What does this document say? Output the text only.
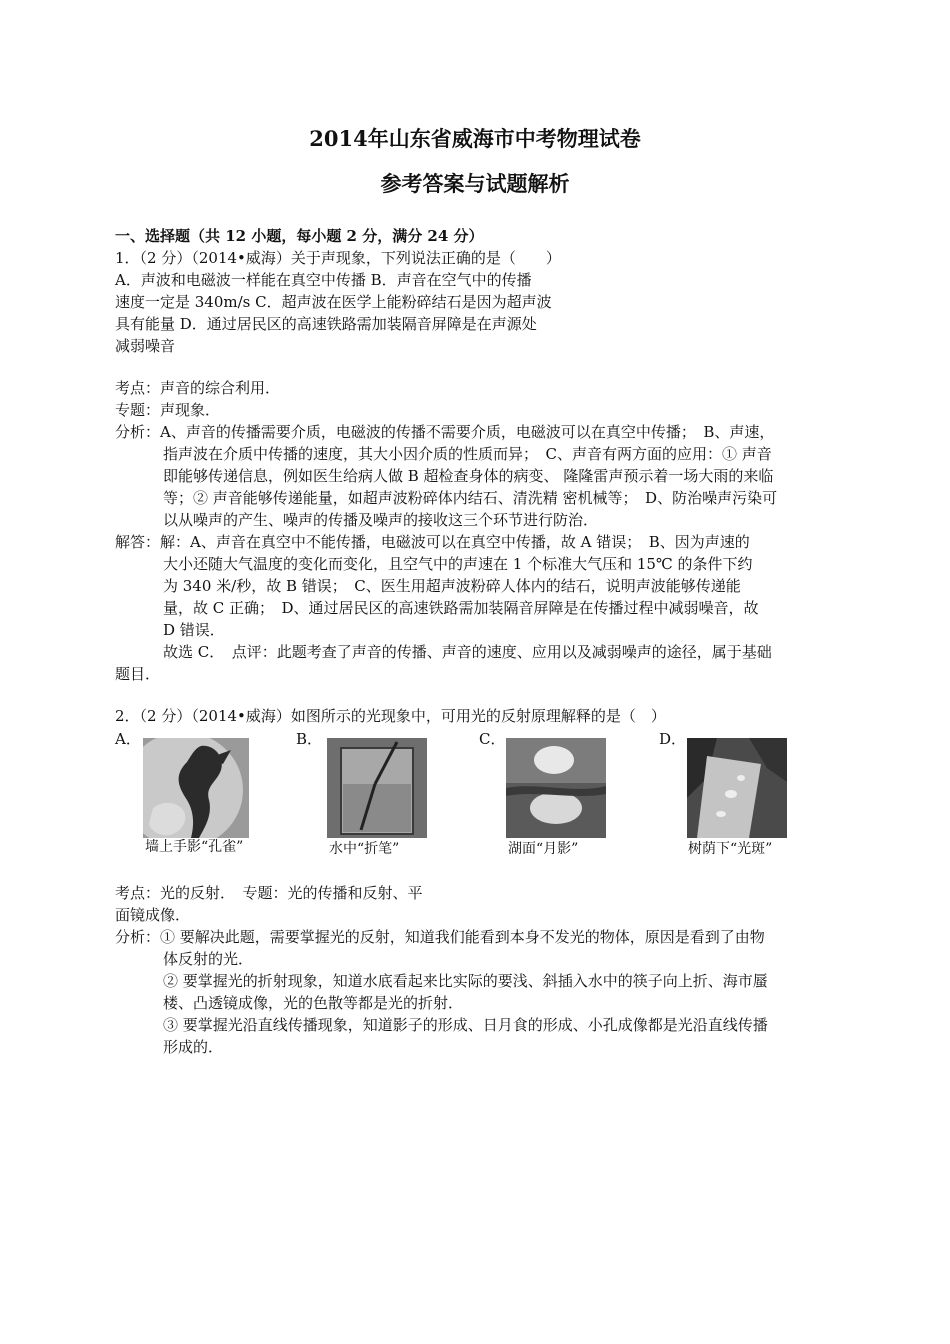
2014年山东省威海市中考物理试卷
参考答案与试题解析
一、选择题（共 12 小题，每小题 2 分，满分 24 分）
1．（2 分）（2014•威海）关于声现象，下列说法正确的是（　　）
A．声波和电磁波一样能在真空中传播 B．声音在空气中的传播
速度一定是 340m/s C．超声波在医学上能粉碎结石是因为超声波
具有能量 D．通过居民区的高速铁路需加装隔音屏障是在声源处
减弱噪音
考点：声音的综合利用．
专题：声现象．
分析：A、声音的传播需要介质，电磁波的传播不需要介质，电磁波可以在真空中传播；　B、声速，
指声波在介质中传播的速度，其大小因介质的性质而异；　C、声音有两方面的应用：① 声音
即能够传递信息，例如医生给病人做 B 超检查身体的病变、 隆隆雷声预示着一场大雨的来临
等；② 声音能够传递能量，如超声波粉碎体内结石、清洗精 密机械等；　D、防治噪声污染可
以从噪声的产生、噪声的传播及噪声的接收这三个环节进行防治．
解答：解：A、声音在真空中不能传播，电磁波可以在真空中传播，故 A 错误；　B、因为声速的
大小还随大气温度的变化而变化，且空气中的声速在 1 个标准大气压和 15℃ 的条件下约
为 340 米/秒，故 B 错误；　C、医生用超声波粉碎人体内的结石，说明声波能够传递能
量，故 C 正确；　D、通过居民区的高速铁路需加装隔音屏障是在传播过程中减弱噪音，故
D 错误．
故选 C．　点评：此题考查了声音的传播、声音的速度、应用以及减弱噪声的途径，属于基础
题目．
2．（2 分）（2014•威海）如图所示的光现象中，可用光的反射原理解释的是（　）
A．
墙上手影“孔雀”
B．
水中“折笔”
C．
湖面“月影”
D．
树荫下“光斑”
考点：光的反射．　专题：光的传播和反射、平
面镜成像．
分析：① 要解决此题，需要掌握光的反射，知道我们能看到本身不发光的物体，原因是看到了由物
体反射的光．
② 要掌握光的折射现象，知道水底看起来比实际的要浅、斜插入水中的筷子向上折、海市蜃
楼、凸透镜成像，光的色散等都是光的折射．
③ 要掌握光沿直线传播现象，知道影子的形成、日月食的形成、小孔成像都是光沿直线传播
形成的．
